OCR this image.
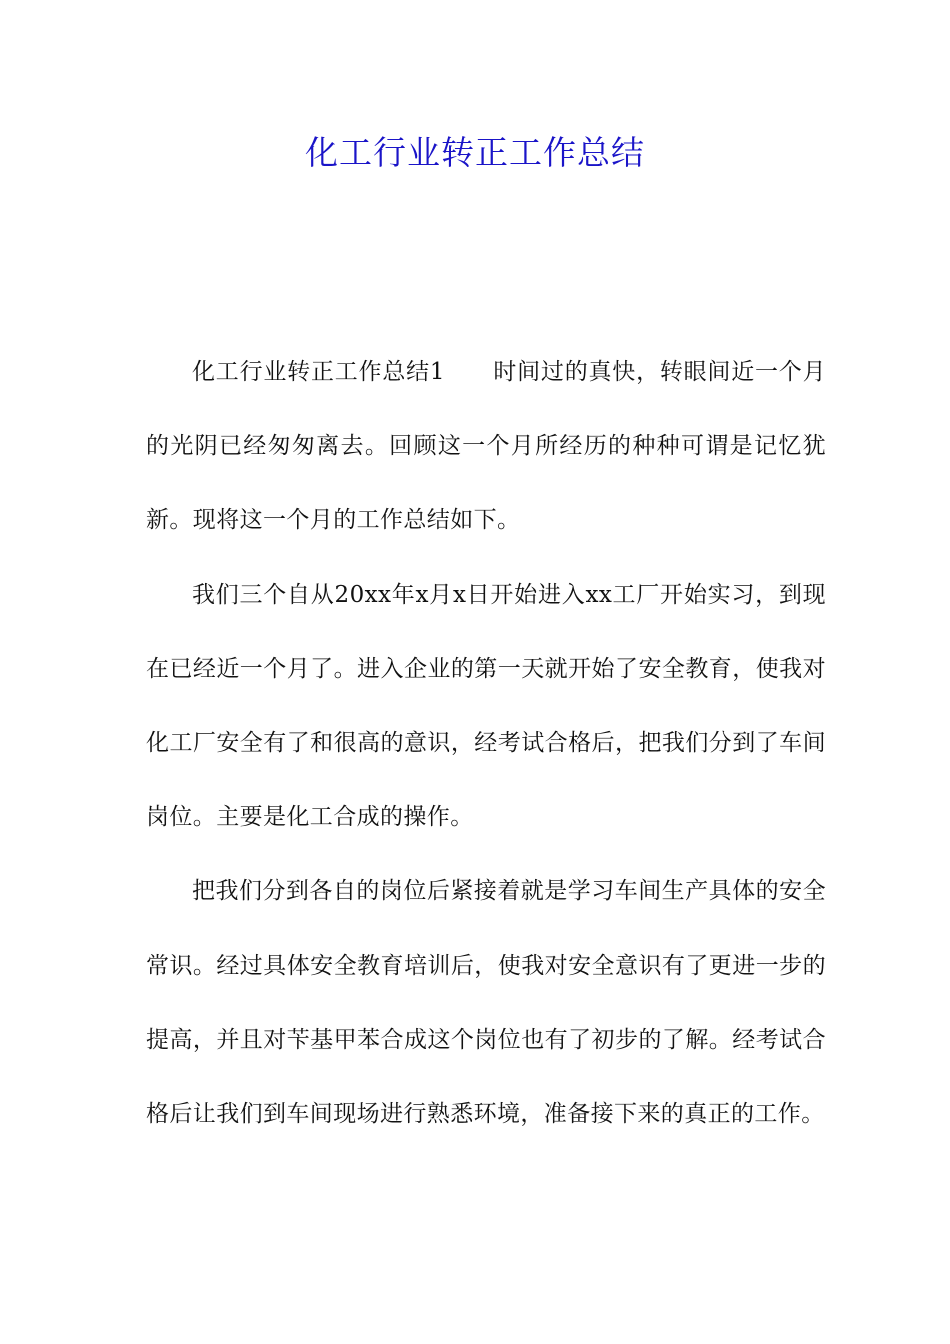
化工行业转正工作总结

化工行业转正工作总结1 时间过的真快，转眼间近一个月的光阴已经匆匆离去。回顾这一个月所经历的种种可谓是记忆犹新。现将这一个月的工作总结如下。

我们三个自从20xx年x月x日开始进入xx工厂开始实习，到现在已经近一个月了。进入企业的第一天就开始了安全教育，使我对化工厂安全有了和很高的意识，经考试合格后，把我们分到了车间岗位。主要是化工合成的操作。

把我们分到各自的岗位后紧接着就是学习车间生产具体的安全常识。经过具体安全教育培训后，使我对安全意识有了更进一步的提高，并且对苄基甲苯合成这个岗位也有了初步的了解。经考试合格后让我们到车间现场进行熟悉环境，准备接下来的真正的工作。
